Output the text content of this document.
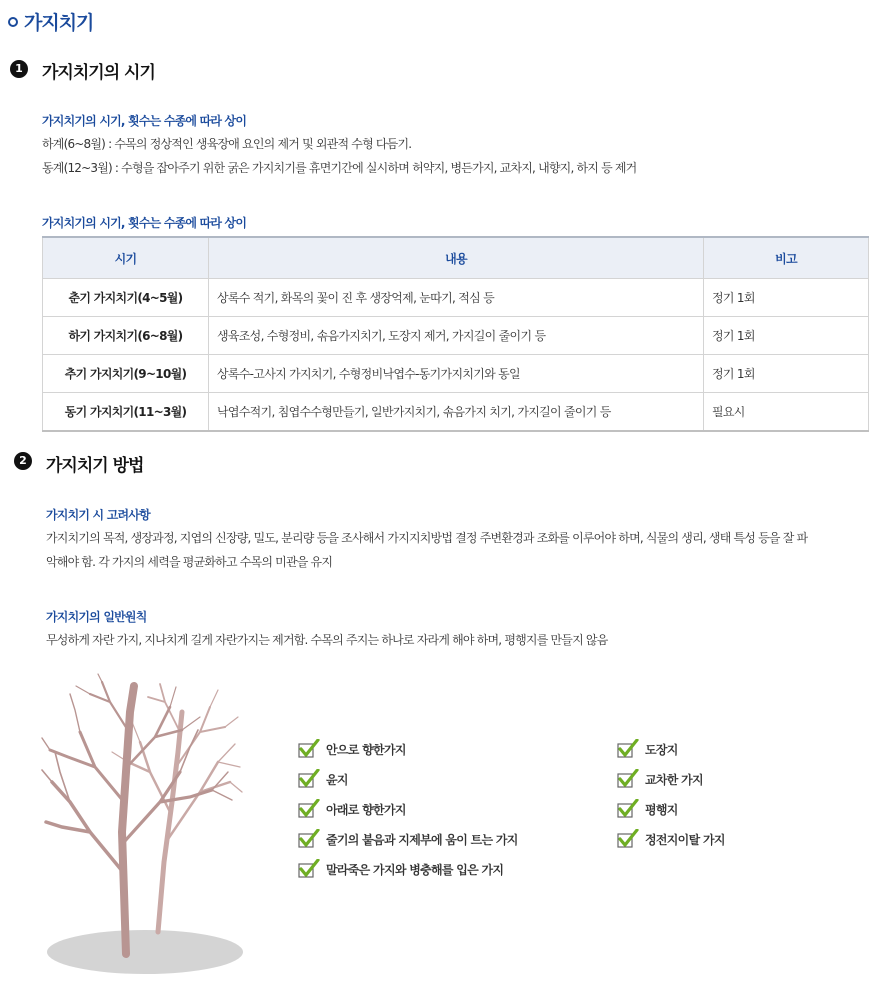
가지치기
1	가지치기의 시기
가지치기의 시기, 횟수는 수종에 따라 상이
하계(6~8월) : 수목의 정상적인 생육장애 요인의 제거 및 외관적 수형 다듬기.
동계(12~3월) : 수형을 잡아주기 위한 굵은 가지치기를 휴면기간에 실시하며 허약지, 병든가지, 교차지, 내향지, 하지 등 제거
가지치기의 시기, 횟수는 수종에 따라 상이
시기	내용	비고
춘기 가지치기(4~5월)	상록수 적기, 화목의 꽃이 진 후 생장억제, 눈따기, 적심 등	정기 1회
하기 가지치기(6~8월)	생육조성, 수형정비, 솎음가지치기, 도장지 제거, 가지길이 줄이기 등	정기 1회
추기 가지치기(9~10월)	상록수-고사지 가지치기, 수형정비낙엽수-동기가지치기와 동일	정기 1회
동기 가지치기(11~3월)	낙엽수적기, 침엽수수형만들기, 일반가지치기, 솎음가지 치기, 가지길이 줄이기 등	필요시
2	가지치기 방법
가지치기 시 고려사항
가지치기의 목적, 생장과정, 지엽의 신장량, 밀도, 분리량 등을 조사해서 가지지치방법 결정 주변환경과 조화를 이루어야 하며, 식물의 생리, 생태 특성 등을 잘 파
악해야 함. 각 가지의 세력을 평균화하고 수목의 미관을 유지
가지치기의 일반원칙
무성하게 자란 가지, 지나치게 길게 자란가지는 제거함. 수목의 주지는 하나로 자라게 해야 하며, 평행지를 만들지 않음
안으로 향한가지
윤지
아래로 향한가지
줄기의 붙음과 지제부에 움이 트는 가지
말라죽은 가지와 병충해를 입은 가지
도장지
교차한 가지
평행지
정전지이탈 가지
